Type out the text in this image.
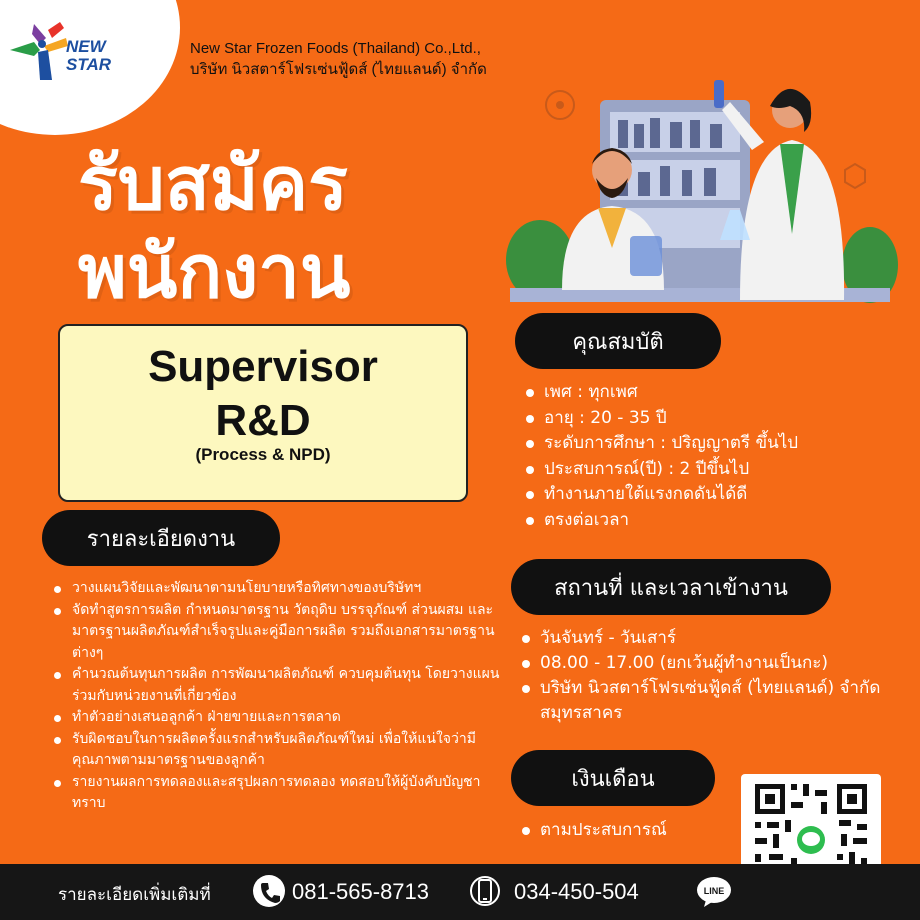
NEW
STAR
New Star Frozen Foods (Thailand) Co.,Ltd.,
บริษัท นิวสตาร์โฟรเซ่นฟู้ดส์ (ไทยแลนด์) จำกัด
รับสมัคร
พนักงาน
Supervisor
R&D
(Process & NPD)
คุณสมบัติ
เพศ : ทุกเพศ
อายุ : 20 - 35 ปี
ระดับการศึกษา : ปริญญาตรี ขึ้นไป
ประสบการณ์(ปี) : 2 ปีขึ้นไป
ทำงานภายใต้แรงกดดันได้ดี
ตรงต่อเวลา
รายละเอียดงาน
วางแผนวิจัยและพัฒนาตามนโยบายหรือทิศทางของบริษัทฯ
จัดทำสูตรการผลิต กำหนดมาตรฐาน วัตถุดิบ บรรจุภัณฑ์ ส่วนผสม และมาตรฐานผลิตภัณฑ์สำเร็จรูปและคู่มือการผลิต รวมถึงเอกสารมาตรฐานต่างๆ
คำนวณต้นทุนการผลิต การพัฒนาผลิตภัณฑ์ ควบคุมต้นทุน โดยวางแผนร่วมกับหน่วยงานที่เกี่ยวข้อง
ทำตัวอย่างเสนอลูกค้า ฝ่ายขายและการตลาด
รับผิดชอบในการผลิตครั้งแรกสำหรับผลิตภัณฑ์ใหม่ เพื่อให้แน่ใจว่ามีคุณภาพตามมาตรฐานของลูกค้า
รายงานผลการทดลองและสรุปผลการทดลอง ทดสอบให้ผู้บังคับบัญชาทราบ
สถานที่ และเวลาเข้างาน
วันจันทร์ - วันเสาร์
08.00 - 17.00 (ยกเว้นผู้ทำงานเป็นกะ)
บริษัท นิวสตาร์โฟรเซ่นฟู้ดส์ (ไทยแลนด์) จำกัด สมุทรสาคร
เงินเดือน
ตามประสบการณ์
รายละเอียดเพิ่มเติมที่	081-565-8713	034-450-504	LINE
